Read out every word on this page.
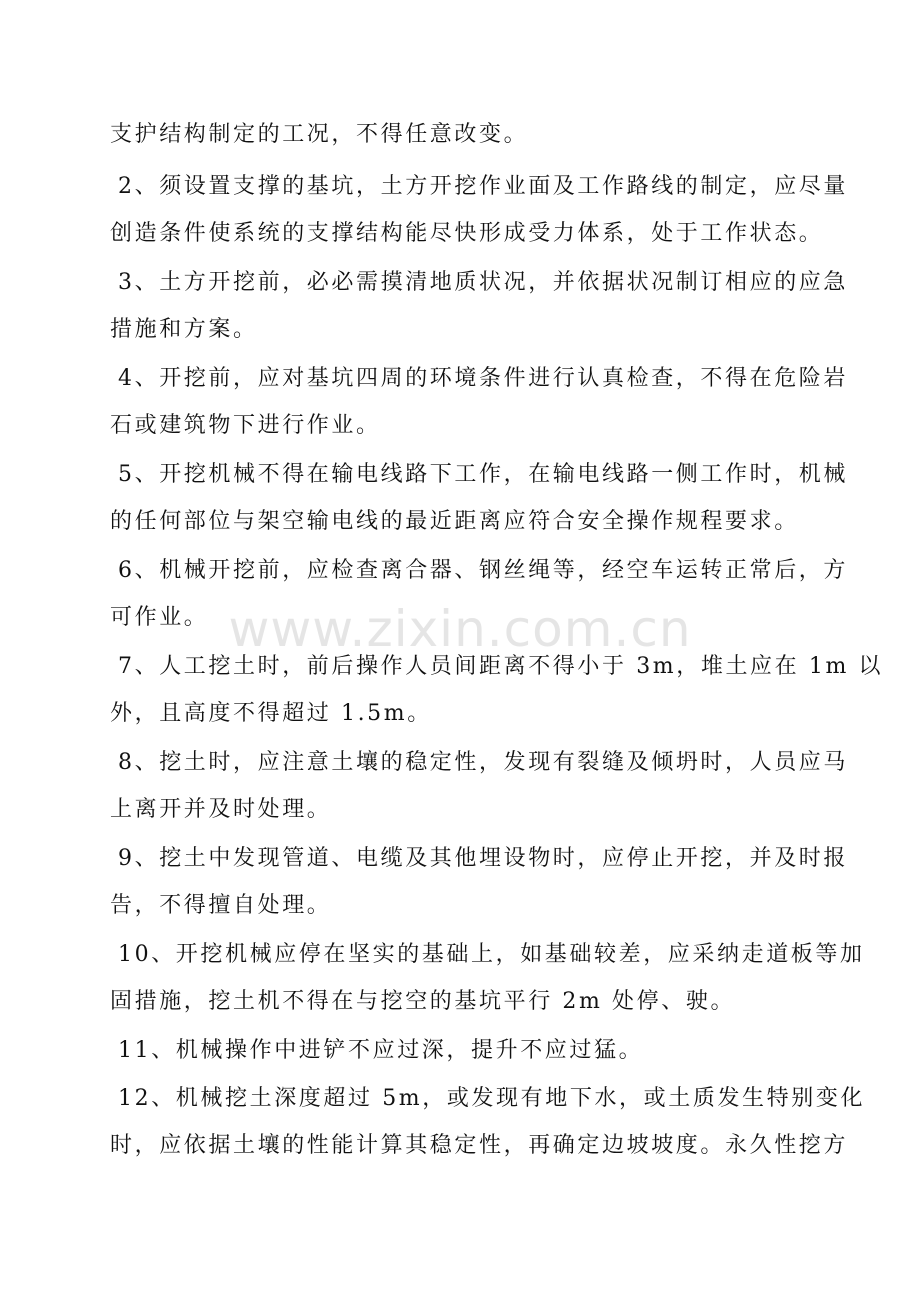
支护结构制定的工况，不得任意改变。
2、须设置支撑的基坑，土方开挖作业面及工作路线的制定，应尽量
创造条件使系统的支撑结构能尽快形成受力体系，处于工作状态。
3、土方开挖前，必必需摸清地质状况，并依据状况制订相应的应急
措施和方案。
4、开挖前，应对基坑四周的环境条件进行认真检查，不得在危险岩
石或建筑物下进行作业。
5、开挖机械不得在输电线路下工作，在输电线路一侧工作时，机械
的任何部位与架空输电线的最近距离应符合安全操作规程要求。
6、机械开挖前，应检查离合器、钢丝绳等，经空车运转正常后，方
可作业。
7、人工挖土时，前后操作人员间距离不得小于 3m，堆土应在 1m 以
外，且高度不得超过 1.5m。
8、挖土时，应注意土壤的稳定性，发现有裂缝及倾坍时，人员应马
上离开并及时处理。
9、挖土中发现管道、电缆及其他埋设物时，应停止开挖，并及时报
告，不得擅自处理。
10、开挖机械应停在坚实的基础上，如基础较差，应采纳走道板等加
固措施，挖土机不得在与挖空的基坑平行 2m 处停、驶。
11、机械操作中进铲不应过深，提升不应过猛。
12、机械挖土深度超过 5m，或发现有地下水，或土质发生特别变化
时，应依据土壤的性能计算其稳定性，再确定边坡坡度。永久性挖方
www.zixin.com.cn
